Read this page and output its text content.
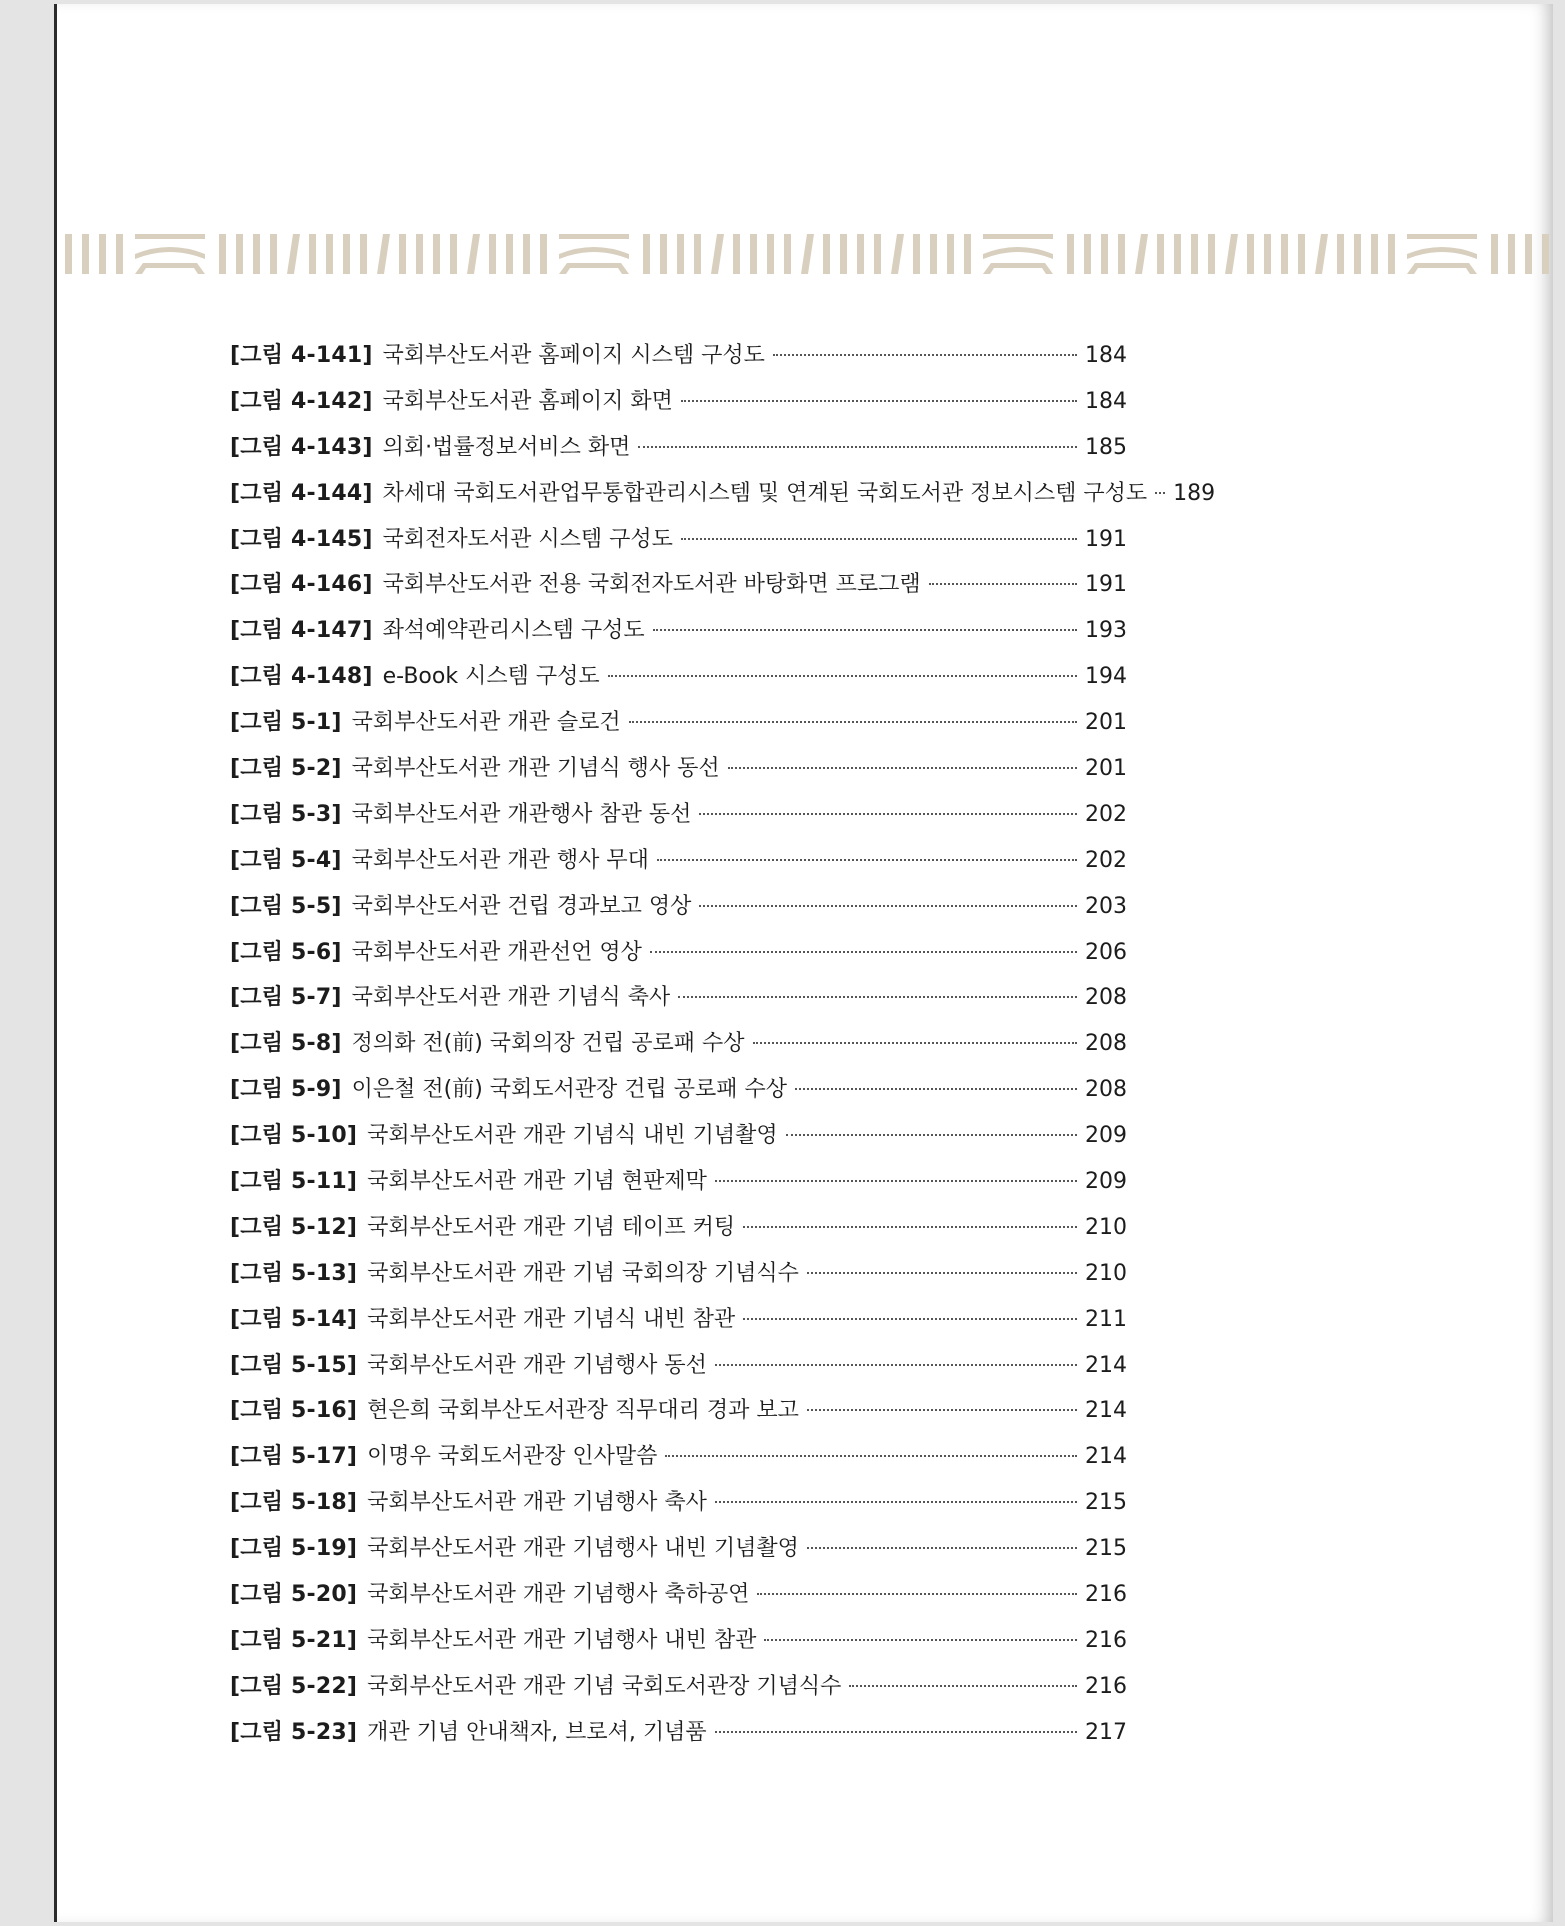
[그림 4-141] 국회부산도서관 홈페이지 시스템 구성도	184
[그림 4-142] 국회부산도서관 홈페이지 화면	184
[그림 4-143] 의회·법률정보서비스 화면	185
[그림 4-144] 차세대 국회도서관업무통합관리시스템 및 연계된 국회도서관 정보시스템 구성도 189
[그림 4-145] 국회전자도서관 시스템 구성도	191
[그림 4-146] 국회부산도서관 전용 국회전자도서관 바탕화면 프로그램	191
[그림 4-147] 좌석예약관리시스템 구성도	193
[그림 4-148] e-Book 시스템 구성도	194
[그림 5-1] 국회부산도서관 개관 슬로건	201
[그림 5-2] 국회부산도서관 개관 기념식 행사 동선	201
[그림 5-3] 국회부산도서관 개관행사 참관 동선	202
[그림 5-4] 국회부산도서관 개관 행사 무대	202
[그림 5-5] 국회부산도서관 건립 경과보고 영상	203
[그림 5-6] 국회부산도서관 개관선언 영상	206
[그림 5-7] 국회부산도서관 개관 기념식 축사	208
[그림 5-8] 정의화 전(前) 국회의장 건립 공로패 수상	208
[그림 5-9] 이은철 전(前) 국회도서관장 건립 공로패 수상	208
[그림 5-10] 국회부산도서관 개관 기념식 내빈 기념촬영	209
[그림 5-11] 국회부산도서관 개관 기념 현판제막	209
[그림 5-12] 국회부산도서관 개관 기념 테이프 커팅	210
[그림 5-13] 국회부산도서관 개관 기념 국회의장 기념식수	210
[그림 5-14] 국회부산도서관 개관 기념식 내빈 참관	211
[그림 5-15] 국회부산도서관 개관 기념행사 동선	214
[그림 5-16] 현은희 국회부산도서관장 직무대리 경과 보고	214
[그림 5-17] 이명우 국회도서관장 인사말씀	214
[그림 5-18] 국회부산도서관 개관 기념행사 축사	215
[그림 5-19] 국회부산도서관 개관 기념행사 내빈 기념촬영	215
[그림 5-20] 국회부산도서관 개관 기념행사 축하공연	216
[그림 5-21] 국회부산도서관 개관 기념행사 내빈 참관	216
[그림 5-22] 국회부산도서관 개관 기념 국회도서관장 기념식수	216
[그림 5-23] 개관 기념 안내책자, 브로셔, 기념품	217
